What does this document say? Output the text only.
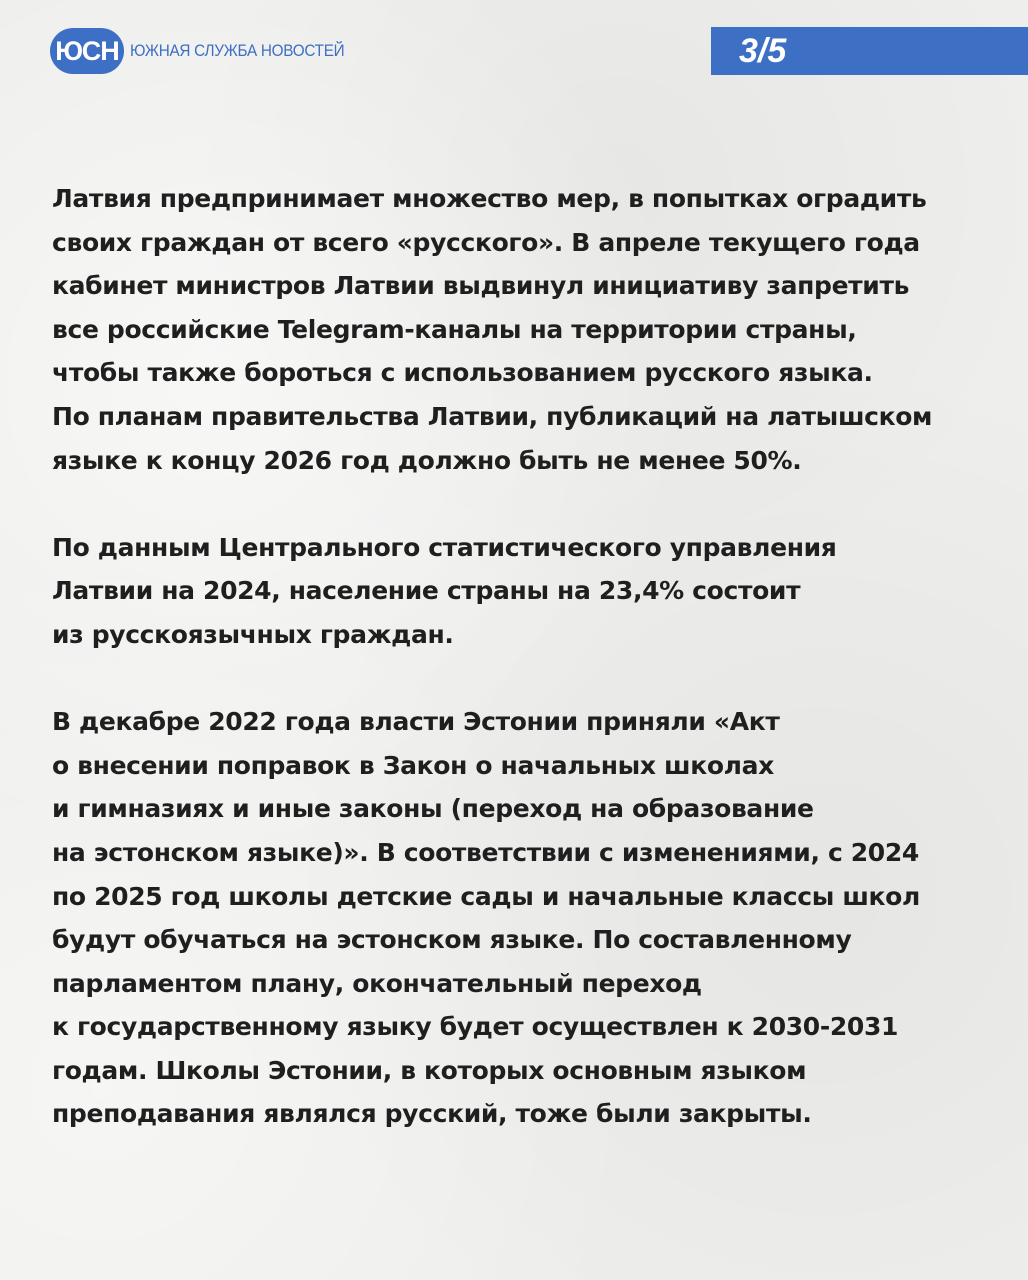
ЮСН ЮЖНАЯ СЛУЖБА НОВОСТЕЙ	3/5
Латвия предпринимает множество мер, в попытках оградить
своих граждан от всего «русского». В апреле текущего года
кабинет министров Латвии выдвинул инициативу запретить
все российские Telegram-каналы на территории страны,
чтобы также бороться с использованием русского языка.
По планам правительства Латвии, публикаций на латышском
языке к концу 2026 год должно быть не менее 50%.
По данным Центрального статистического управления
Латвии на 2024, население страны на 23,4% состоит
из русскоязычных граждан.
В декабре 2022 года власти Эстонии приняли «Акт
о внесении поправок в Закон о начальных школах
и гимназиях и иные законы (переход на образование
на эстонском языке)». В соответствии с изменениями, с 2024
по 2025 год школы детские сады и начальные классы школ
будут обучаться на эстонском языке. По составленному
парламентом плану, окончательный переход
к государственному языку будет осуществлен к 2030-2031
годам. Школы Эстонии, в которых основным языком
преподавания являлся русский, тоже были закрыты.
